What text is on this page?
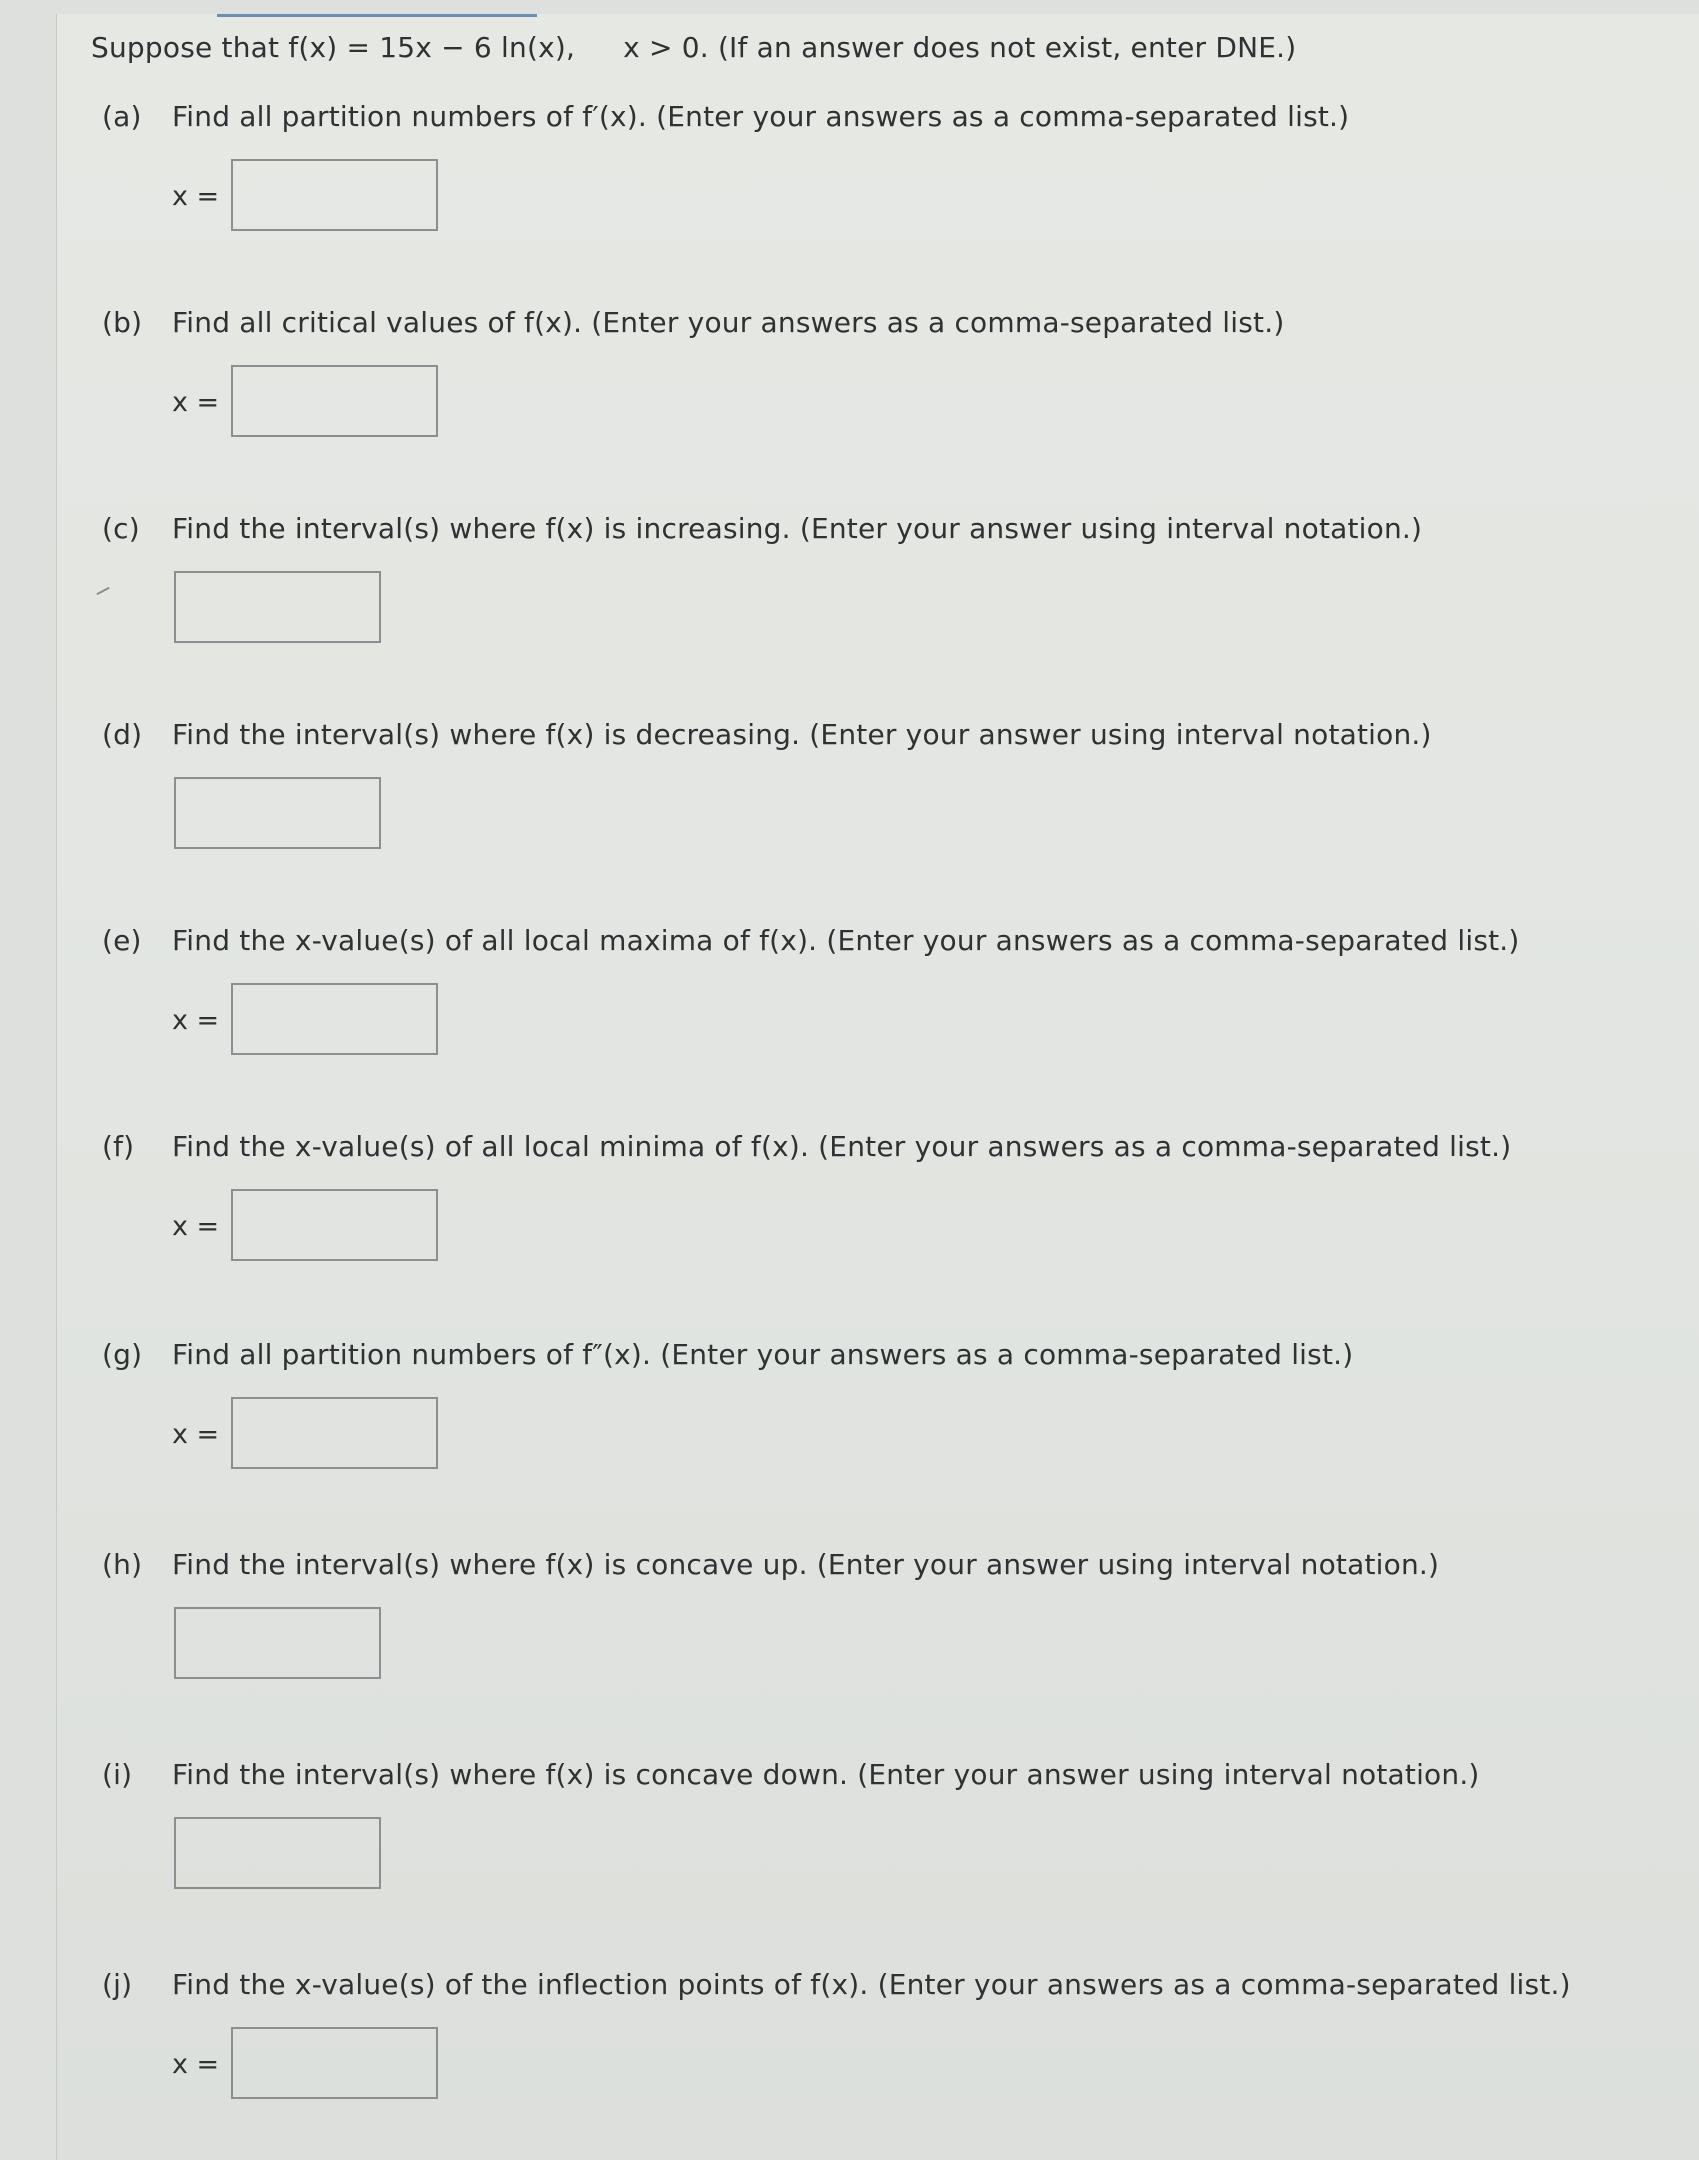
Suppose that f(x) = 15x − 6 ln(x), x > 0. (If an answer does not exist, enter DNE.)
(a) Find all partition numbers of f′(x). (Enter your answers as a comma-separated list.)
x =
(b) Find all critical values of f(x). (Enter your answers as a comma-separated list.)
x =
(c) Find the interval(s) where f(x) is increasing. (Enter your answer using interval notation.)
(d) Find the interval(s) where f(x) is decreasing. (Enter your answer using interval notation.)
(e) Find the x-value(s) of all local maxima of f(x). (Enter your answers as a comma-separated list.)
x =
(f) Find the x-value(s) of all local minima of f(x). (Enter your answers as a comma-separated list.)
x =
(g) Find all partition numbers of f″(x). (Enter your answers as a comma-separated list.)
x =
(h) Find the interval(s) where f(x) is concave up. (Enter your answer using interval notation.)
(i) Find the interval(s) where f(x) is concave down. (Enter your answer using interval notation.)
(j) Find the x-value(s) of the inflection points of f(x). (Enter your answers as a comma-separated list.)
x =
